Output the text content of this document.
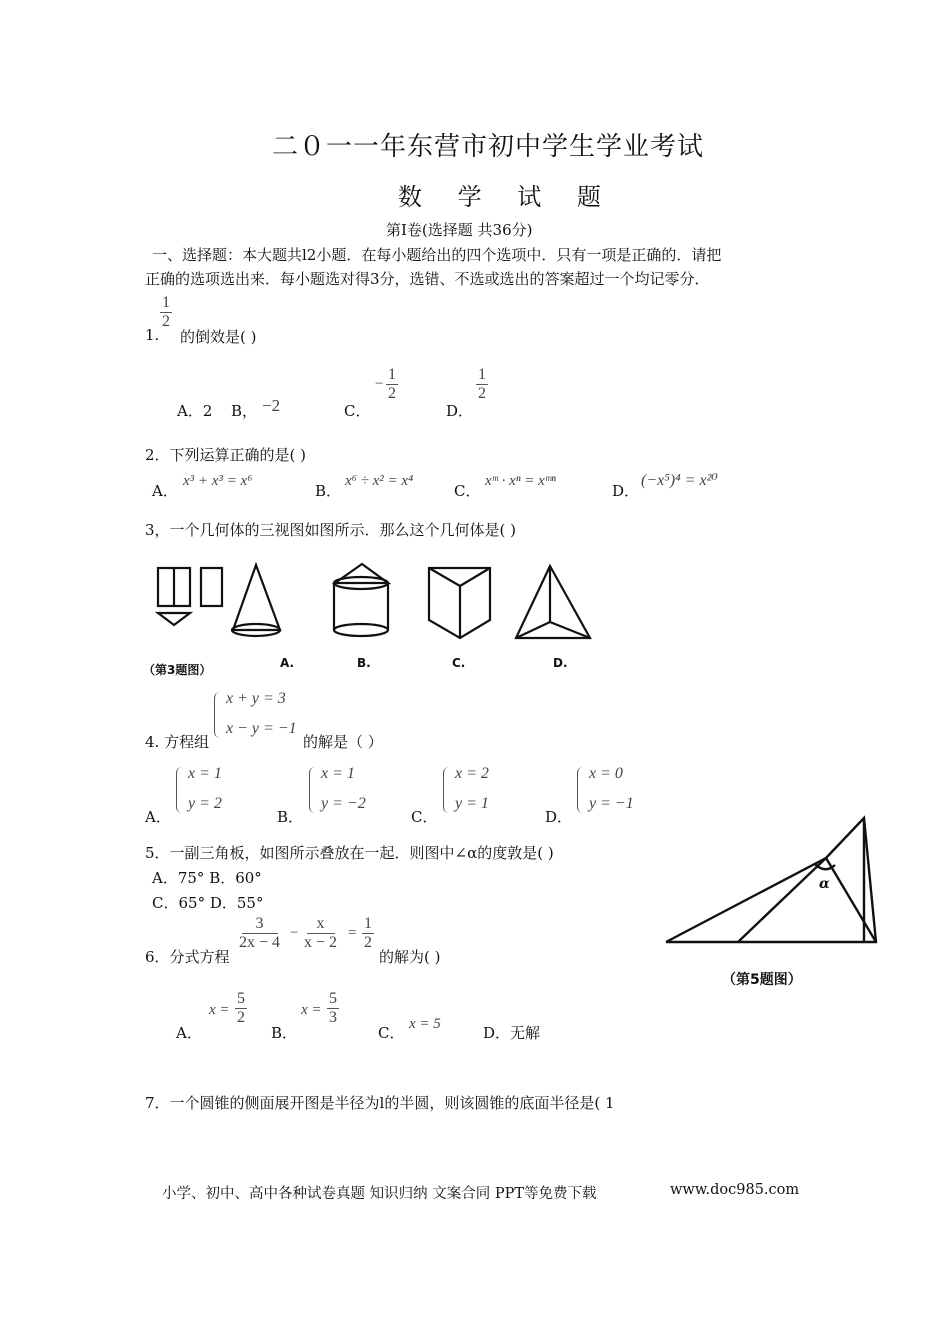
二０一一年东营市初中学生学业考试
数 学 试 题
第Ⅰ卷(选择题 共36分)
一、选择题：本大题共l2小题．在每小题给出的四个选项中．只有一项是正确的．请把
正确的选项选出来．每小题选对得3分，选错、不选或选出的答案超过一个均记零分．
1.
$\frac{1}{2}$
的倒效是( )
A．2 B， −2	C．
− $\frac{1}{2}$
D．
$\frac{1}{2}$
2．下列运算正确的是( )
A．
x³ + x³ = x⁶
B．
x⁶ ÷ x² = x⁴
C．
xᵐ · xⁿ = xᵐⁿ
D．
(−x⁵)⁴ = x²⁰
3，一个几何体的三视图如图所示．那么这个几何体是( )
（第3题图）	A.	B.	C.	D.
4. 方程组
x + y = 3
x − y = −1
的解是（ ）
A．
x = 1
y = 2
B．
x = 1
y = −2
C．
x = 2
y = 1
D．
x = 0
y = −1
5．一副三角板，如图所示叠放在一起．则图中∠α的度敦是( )
A．75° B．60°
C．65° D．55°
α
（第5题图）
6．分式方程
$\frac{3}{2x - 4} - \frac{x}{x - 2} = \frac{1}{2}$
的解为( )
A．
$x = \frac{5}{2}$
B．
$x = \frac{5}{3}$
C． x = 5	D．无解
7．一个圆锥的侧面展开图是半径为l的半圆，则该圆锥的底面半径是( 1
小学、初中、高中各种试卷真题 知识归纳 文案合同 PPT等免费下载	www.doc985.com
